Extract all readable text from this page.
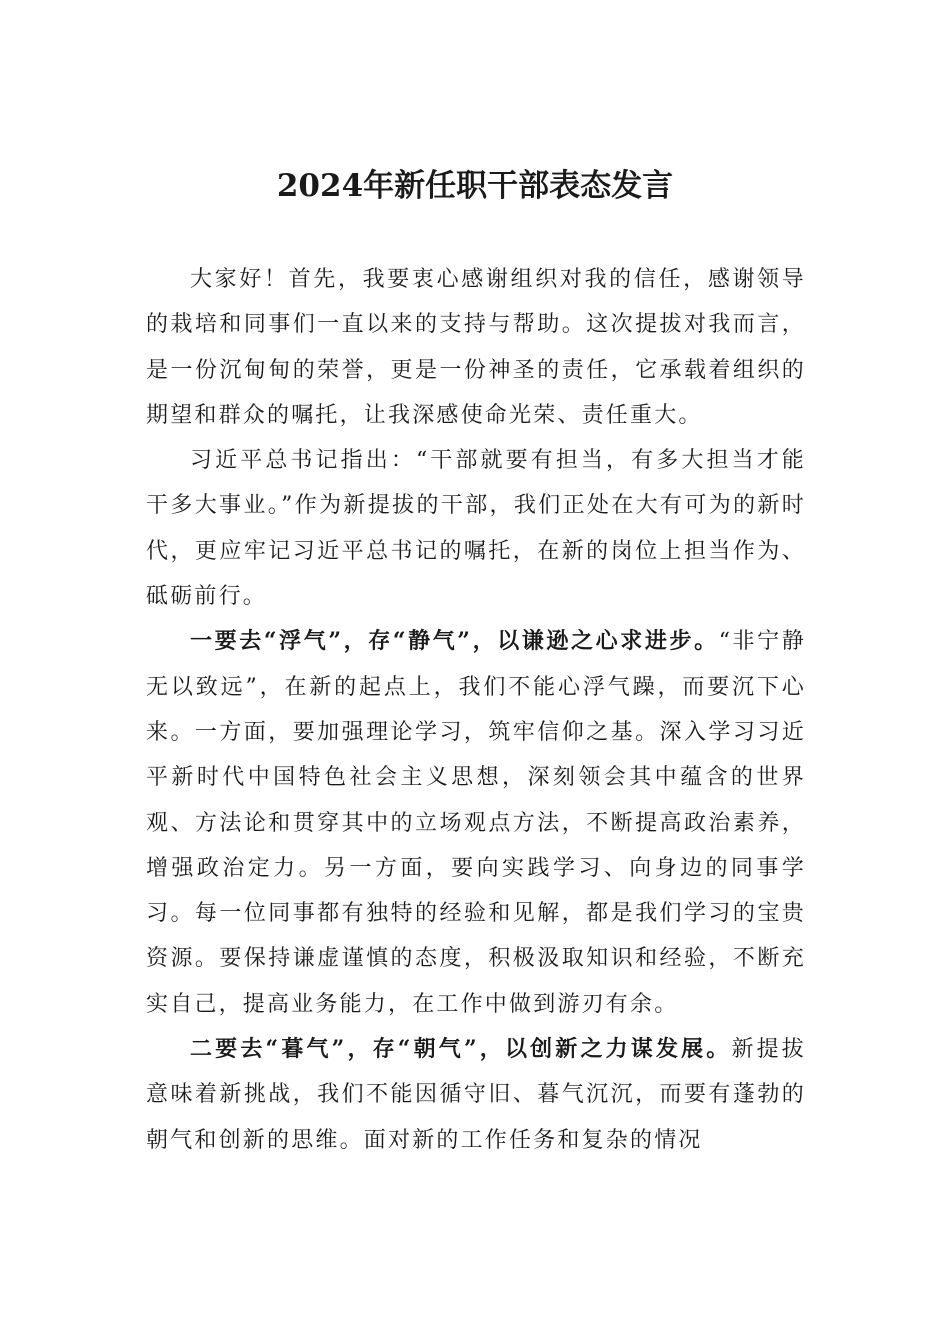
2024年新任职干部表态发言

大家好！首先，我要衷心感谢组织对我的信任，感谢领导的栽培和同事们一直以来的支持与帮助。这次提拔对我而言，是一份沉甸甸的荣誉，更是一份神圣的责任，它承载着组织的期望和群众的嘱托，让我深感使命光荣、责任重大。

习近平总书记指出：“干部就要有担当，有多大担当才能干多大事业。”作为新提拔的干部，我们正处在大有可为的新时代，更应牢记习近平总书记的嘱托，在新的岗位上担当作为、砥砺前行。

一要去“浮气”，存“静气”，以谦逊之心求进步。“非宁静无以致远”，在新的起点上，我们不能心浮气躁，而要沉下心来。一方面，要加强理论学习，筑牢信仰之基。深入学习习近平新时代中国特色社会主义思想，深刻领会其中蕴含的世界观、方法论和贯穿其中的立场观点方法，不断提高政治素养，增强政治定力。另一方面，要向实践学习、向身边的同事学习。每一位同事都有独特的经验和见解，都是我们学习的宝贵资源。要保持谦虚谨慎的态度，积极汲取知识和经验，不断充实自己，提高业务能力，在工作中做到游刃有余。

二要去“暮气”，存“朝气”，以创新之力谋发展。新提拔意味着新挑战，我们不能因循守旧、暮气沉沉，而要有蓬勃的朝气和创新的思维。面对新的工作任务和复杂的情况
